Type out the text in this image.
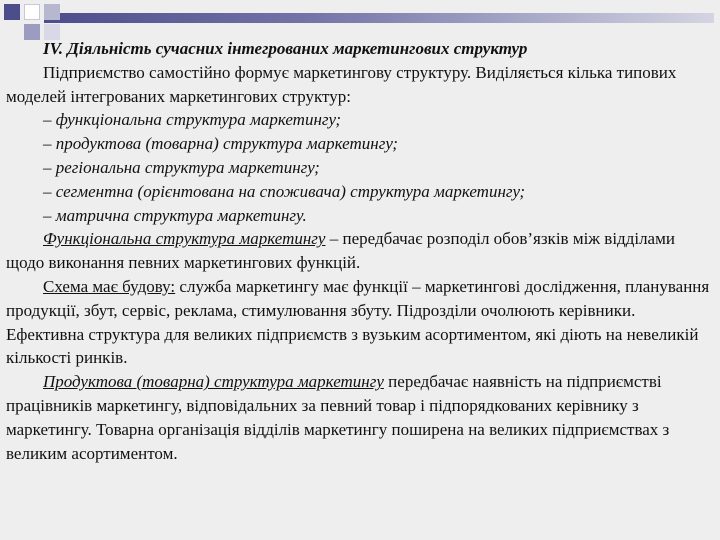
IV. Діяльність сучасних інтегрованих маркетингових структур

Підприємство самостійно формує маркетингову структуру. Виділяється кілька типових моделей інтегрованих маркетингових структур:

– функціональна структура маркетингу;

– продуктова (товарна) структура маркетингу;

– регіональна структура маркетингу;

– сегментна (орієнтована на споживача) структура маркетингу;

– матрична структура маркетингу.

Функціональна структура маркетингу – передбачає розподіл обов’язків між відділами щодо виконання певних маркетингових функцій.

Схема має будову: служба маркетингу має функції – маркетингові дослідження, планування продукції, збут, сервіс, реклама, стимулювання збуту. Підрозділи очолюють керівники. Ефективна структура для великих підприємств з вузьким асортиментом, які діють на невеликій кількості ринків.

Продуктова (товарна) структура маркетингу передбачає наявність на підприємстві працівників маркетингу, відповідальних за певний товар і підпорядкованих керівнику з маркетингу. Товарна організація відділів маркетингу поширена на великих підприємствах з великим асортиментом.
